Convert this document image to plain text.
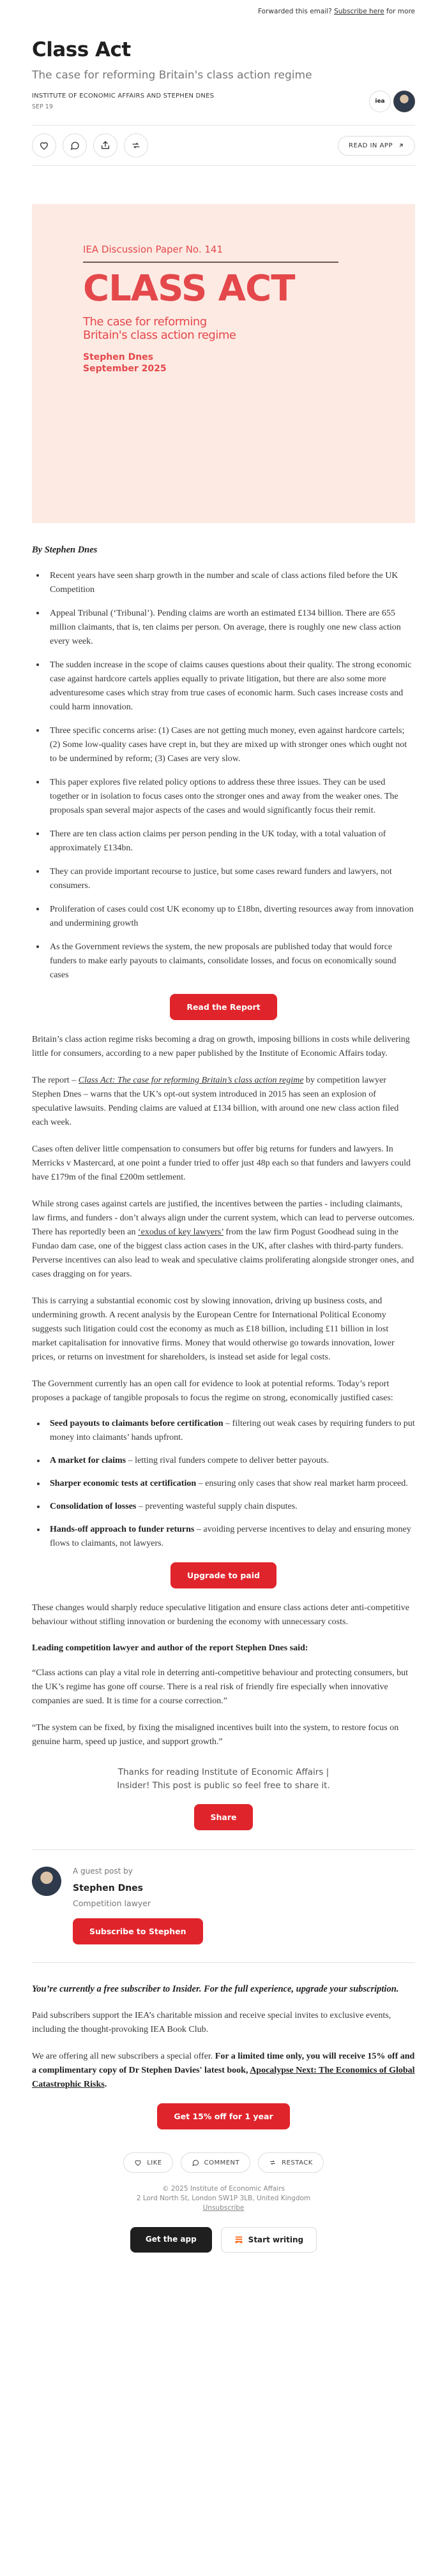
Forwarded this email? Subscribe here for more
Class Act
The case for reforming Britain's class action regime
INSTITUTE OF ECONOMIC AFFAIRS AND STEPHEN DNES
SEP 19
iea
READ IN APP
IEA Discussion Paper No. 141
CLASS ACT
The case for reforming Britain's class action regime
Stephen Dnes
September 2025
By Stephen Dnes
• Recent years have seen sharp growth in the number and scale of class actions filed before the UK Competition
• Appeal Tribunal (‘Tribunal’). Pending claims are worth an estimated £134 billion. There are 655 million claimants, that is, ten claims per person. On average, there is roughly one new class action every week.
• The sudden increase in the scope of claims causes questions about their quality. The strong economic case against hardcore cartels applies equally to private litigation, but there are also some more adventuresome cases which stray from true cases of economic harm. Such cases increase costs and could harm innovation.
• Three specific concerns arise: (1) Cases are not getting much money, even against hardcore cartels; (2) Some low-quality cases have crept in, but they are mixed up with stronger ones which ought not to be undermined by reform; (3) Cases are very slow.
• This paper explores five related policy options to address these three issues. They can be used together or in isolation to focus cases onto the stronger ones and away from the weaker ones. The proposals span several major aspects of the cases and would significantly focus their remit.
• There are ten class action claims per person pending in the UK today, with a total valuation of approximately £134bn.
• They can provide important recourse to justice, but some cases reward funders and lawyers, not consumers.
• Proliferation of cases could cost UK economy up to £18bn, diverting resources away from innovation and undermining growth
• As the Government reviews the system, the new proposals are published today that would force funders to make early payouts to claimants, consolidate losses, and focus on economically sound cases
Read the Report

Britain’s class action regime risks becoming a drag on growth, imposing billions in costs while delivering little for consumers, according to a new paper published by the Institute of Economic Affairs today.

The report – Class Act: The case for reforming Britain’s class action regime by competition lawyer Stephen Dnes – warns that the UK’s opt-out system introduced in 2015 has seen an explosion of speculative lawsuits. Pending claims are valued at £134 billion, with around one new class action filed each week.

Cases often deliver little compensation to consumers but offer big returns for funders and lawyers. In Merricks v Mastercard, at one point a funder tried to offer just 48p each so that funders and lawyers could have £179m of the final £200m settlement.

While strong cases against cartels are justified, the incentives between the parties - including claimants, law firms, and funders - don’t always align under the current system, which can lead to perverse outcomes. There has reportedly been an ‘exodus of key lawyers’ from the law firm Pogust Goodhead suing in the Fundao dam case, one of the biggest class action cases in the UK, after clashes with third-party funders. Perverse incentives can also lead to weak and speculative claims proliferating alongside stronger ones, and cases dragging on for years.

This is carrying a substantial economic cost by slowing innovation, driving up business costs, and undermining growth. A recent analysis by the European Centre for International Political Economy suggests such litigation could cost the economy as much as £18 billion, including £11 billion in lost market capitalisation for innovative firms. Money that would otherwise go towards innovation, lower prices, or returns on investment for shareholders, is instead set aside for legal costs.

The Government currently has an open call for evidence to look at potential reforms. Today’s report proposes a package of tangible proposals to focus the regime on strong, economically justified cases:

• Seed payouts to claimants before certification – filtering out weak cases by requiring funders to put money into claimants’ hands upfront.
• A market for claims – letting rival funders compete to deliver better payouts.
• Sharper economic tests at certification – ensuring only cases that show real market harm proceed.
• Consolidation of losses – preventing wasteful supply chain disputes.
• Hands-off approach to funder returns – avoiding perverse incentives to delay and ensuring money flows to claimants, not lawyers.
Upgrade to paid

These changes would sharply reduce speculative litigation and ensure class actions deter anti-competitive behaviour without stifling innovation or burdening the economy with unnecessary costs.

Leading competition lawyer and author of the report Stephen Dnes said:

“Class actions can play a vital role in deterring anti-competitive behaviour and protecting consumers, but the UK’s regime has gone off course. There is a real risk of friendly fire especially when innovative companies are sued. It is time for a course correction.”

“The system can be fixed, by fixing the misaligned incentives built into the system, to restore focus on genuine harm, speed up justice, and support growth.”

Thanks for reading Institute of Economic Affairs | Insider! This post is public so feel free to share it.
Share
A guest post by
Stephen Dnes
Competition lawyer
Subscribe to Stephen
You’re currently a free subscriber to Insider. For the full experience, upgrade your subscription.

Paid subscribers support the IEA’s charitable mission and receive special invites to exclusive events, including the thought-provoking IEA Book Club.

We are offering all new subscribers a special offer. For a limited time only, you will receive 15% off and a complimentary copy of Dr Stephen Davies' latest book, Apocalypse Next: The Economics of Global Catastrophic Risks.

Get 15% off for 1 year
LIKE	COMMENT	RESTACK
© 2025 Institute of Economic Affairs
2 Lord North St, London SW1P 3LB, United Kingdom
Unsubscribe
Get the app	Start writing
